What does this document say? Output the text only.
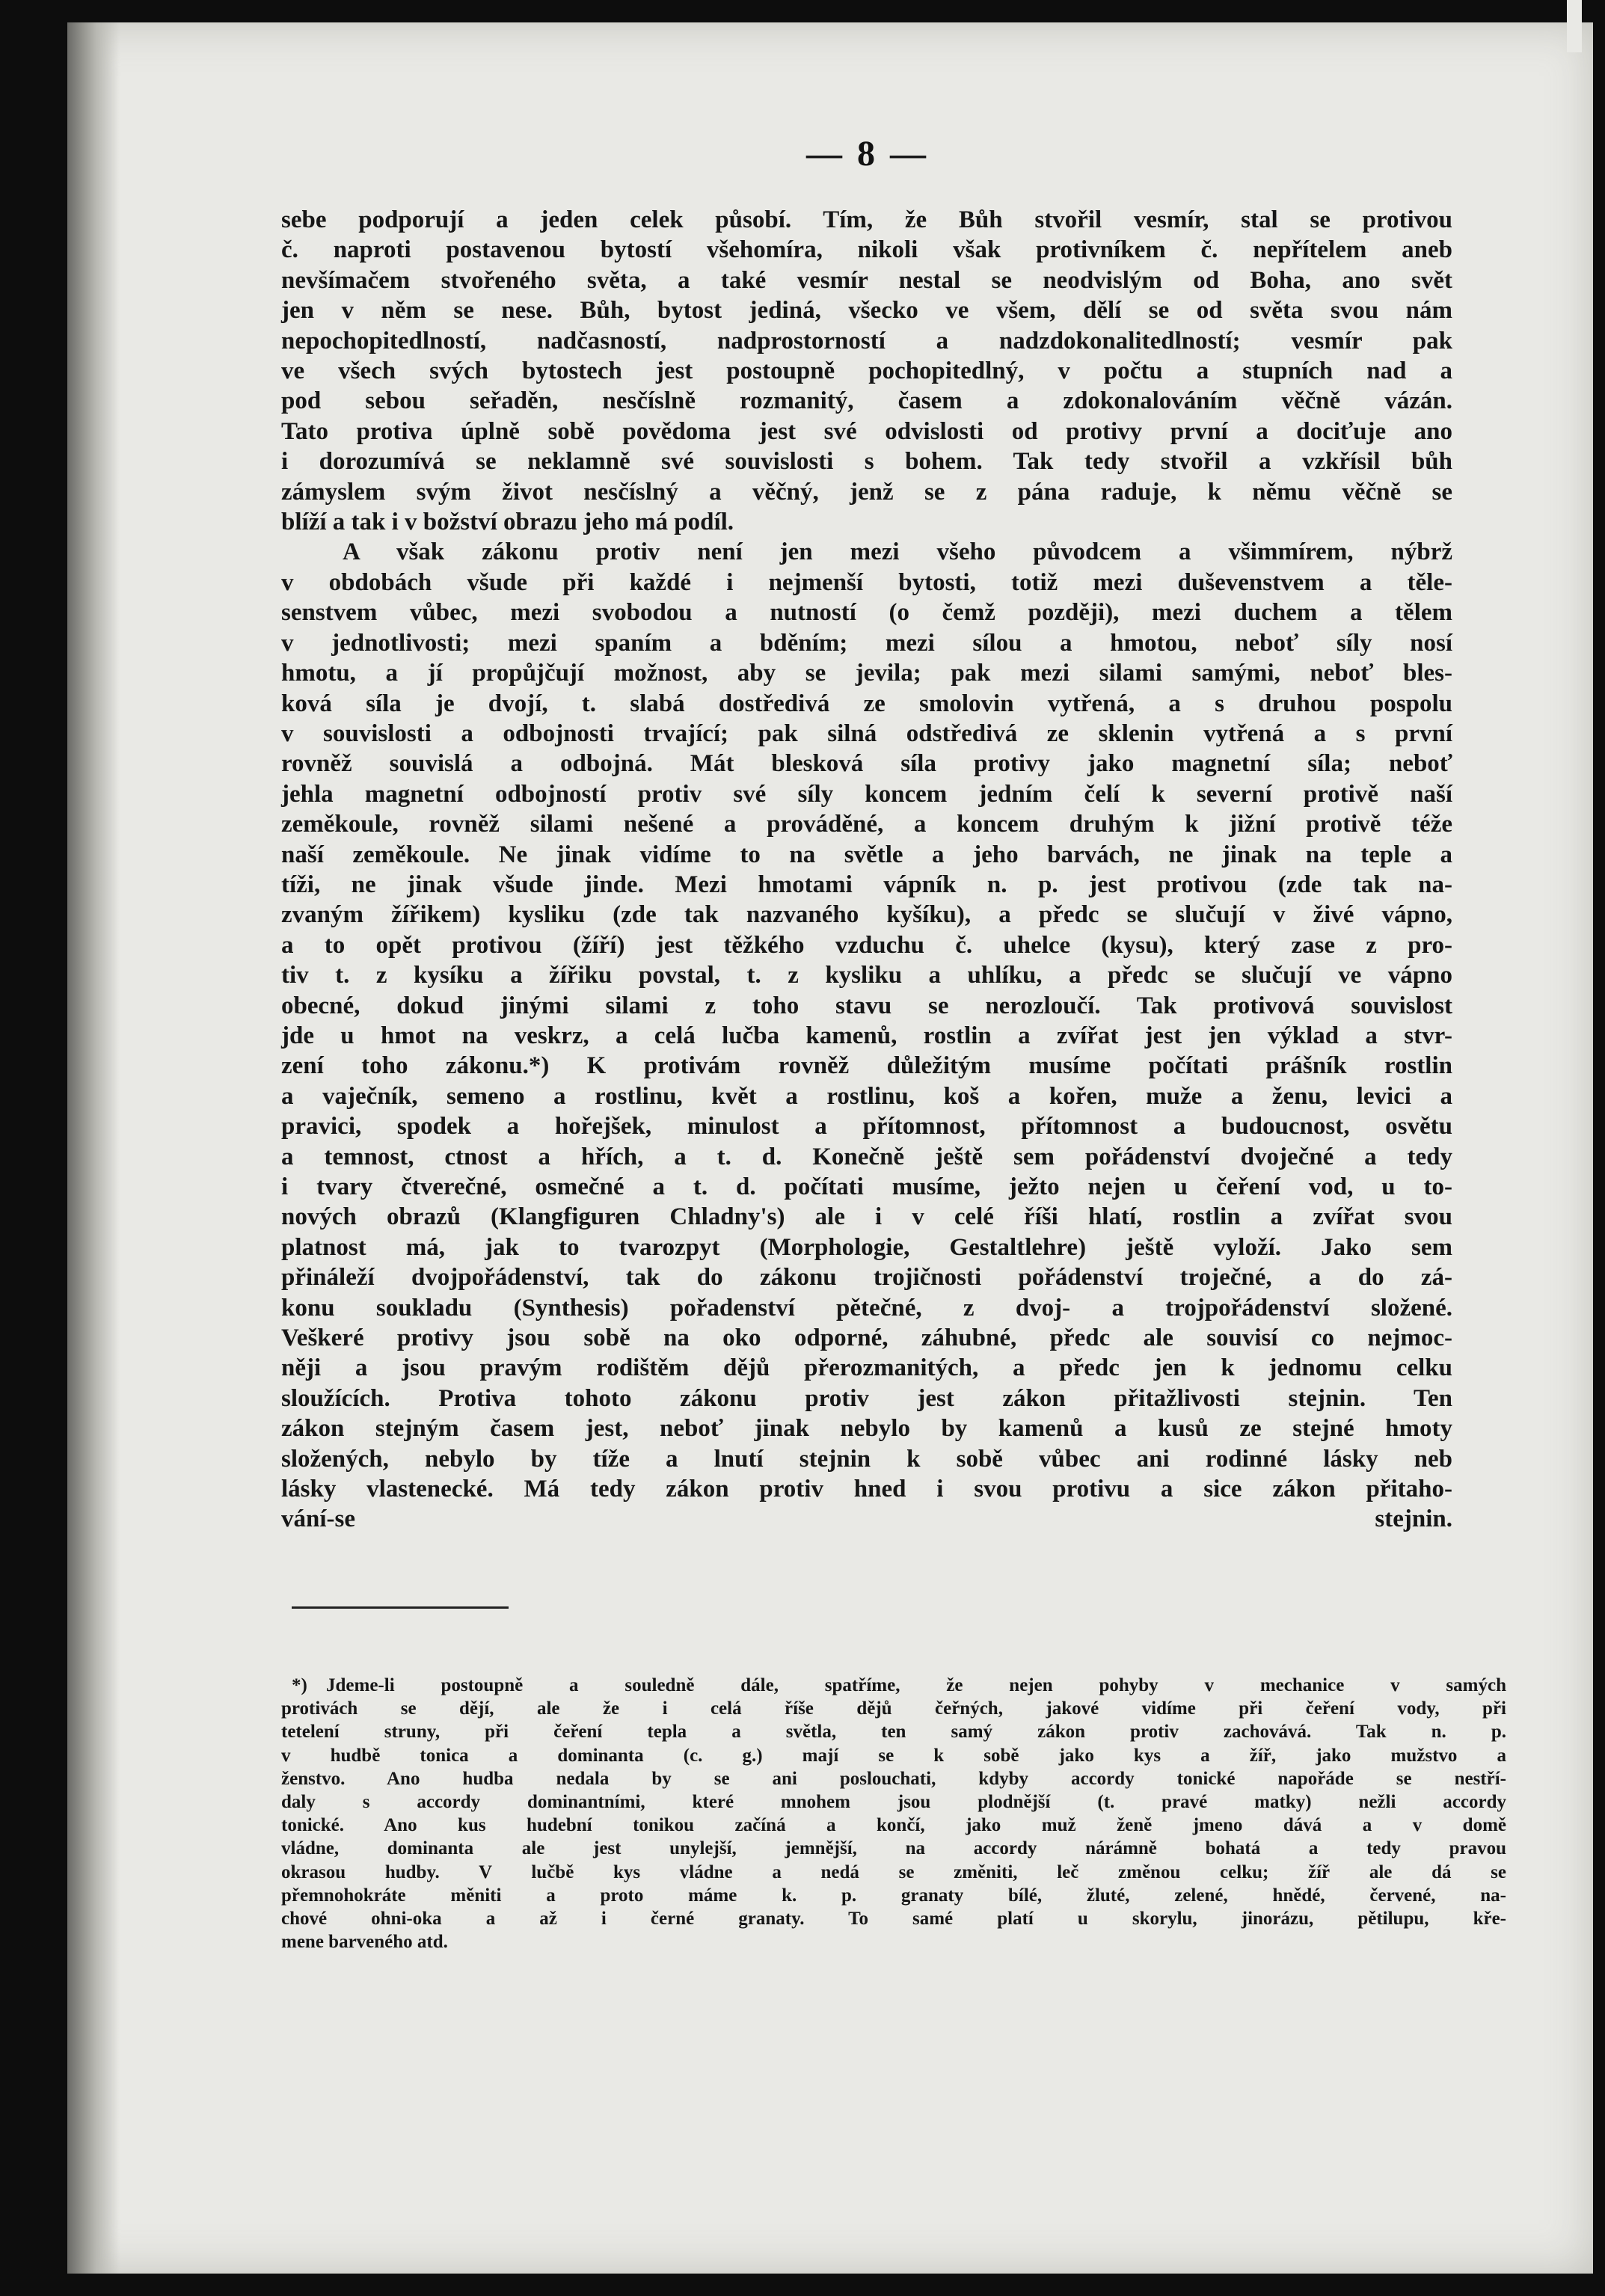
— 8 —
sebe podporují a jeden celek působí. Tím, že Bůh stvořil vesmír, stal se protivou
č. naproti postavenou bytostí všehomíra, nikoli však protivníkem č. nepřítelem aneb
nevšímačem stvořeného světa, a také vesmír nestal se neodvislým od Boha, ano svět
jen v něm se nese. Bůh, bytost jediná, všecko ve všem, dělí se od světa svou nám
nepochopitedlností, nadčasností, nadprostorností a nadzdokonalitedlností; vesmír pak
ve všech svých bytostech jest postoupně pochopitedlný, v počtu a stupních nad a
pod sebou seřaděn, nesčíslně rozmanitý, časem a zdokonalováním věčně vázán.
Tato protiva úplně sobě povědoma jest své odvislosti od protivy první a dociťuje ano
i dorozumívá se neklamně své souvislosti s bohem. Tak tedy stvořil a vzkřísil bůh
zámyslem svým život nesčíslný a věčný, jenž se z pána raduje, k němu věčně se
blíží a tak i v božství obrazu jeho má podíl.
A však zákonu protiv není jen mezi všeho původcem a všimmírem, nýbrž
v obdobách všude při každé i nejmenší bytosti, totiž mezi duševenstvem a těle-
senstvem vůbec, mezi svobodou a nutností (o čemž později), mezi duchem a tělem
v jednotlivosti; mezi spaním a bděním; mezi sílou a hmotou, neboť síly nosí
hmotu, a jí propůjčují možnost, aby se jevila; pak mezi silami samými, neboť bles-
ková síla je dvojí, t. slabá dostředivá ze smolovin vytřená, a s druhou pospolu
v souvislosti a odbojnosti trvající; pak silná odstředivá ze sklenin vytřená a s první
rovněž souvislá a odbojná. Mát blesková síla protivy jako magnetní síla; neboť
jehla magnetní odbojností protiv své síly koncem jedním čelí k severní protivě naší
zeměkoule, rovněž silami nešené a prováděné, a koncem druhým k jižní protivě téže
naší zeměkoule. Ne jinak vidíme to na světle a jeho barvách, ne jinak na teple a
tíži, ne jinak všude jinde. Mezi hmotami vápník n. p. jest protivou (zde tak na-
zvaným žířikem) kysliku (zde tak nazvaného kyšíku), a předc se slučují v živé vápno,
a to opět protivou (žíří) jest těžkého vzduchu č. uhelce (kysu), který zase z pro-
tiv t. z kysíku a žířiku povstal, t. z kysliku a uhlíku, a předc se slučují ve vápno
obecné, dokud jinými silami z toho stavu se nerozloučí. Tak protivová souvislost
jde u hmot na veskrz, a celá lučba kamenů, rostlin a zvířat jest jen výklad a stvr-
zení toho zákonu.*) K protivám rovněž důležitým musíme počítati prášník rostlin
a vaječník, semeno a rostlinu, květ a rostlinu, koš a kořen, muže a ženu, levici a
pravici, spodek a hořejšek, minulost a přítomnost, přítomnost a budoucnost, osvětu
a temnost, ctnost a hřích, a t. d. Konečně ještě sem pořádenství dvoječné a tedy
i tvary čtverečné, osmečné a t. d. počítati musíme, ježto nejen u čeření vod, u to-
nových obrazů (Klangfiguren Chladny's) ale i v celé říši hlatí, rostlin a zvířat svou
platnost má, jak to tvarozpyt (Morphologie, Gestaltlehre) ještě vyloží. Jako sem
přináleží dvojpořádenství, tak do zákonu trojičnosti pořádenství troječné, a do zá-
konu soukladu (Synthesis) pořadenství pětečné, z dvoj- a trojpořádenství složené.
Veškeré protivy jsou sobě na oko odporné, záhubné, předc ale souvisí co nejmoc-
něji a jsou pravým rodištěm dějů přerozmanitých, a předc jen k jednomu celku
sloužících. Protiva tohoto zákonu protiv jest zákon přitažlivosti stejnin. Ten
zákon stejným časem jest, neboť jinak nebylo by kamenů a kusů ze stejné hmoty
složených, nebylo by tíže a lnutí stejnin k sobě vůbec ani rodinné lásky neb
lásky vlastenecké. Má tedy zákon protiv hned i svou protivu a sice zákon přitaho-
vání-se stejnin.
*) Jdeme-li postoupně a souledně dále, spatříme, že nejen pohyby v mechanice v samých
protivách se dějí, ale že i celá říše dějů čeřných, jakové vidíme při čeření vody, při
tetelení struny, při čeření tepla a světla, ten samý zákon protiv zachovává. Tak n. p.
v hudbě tonica a dominanta (c. g.) mají se k sobě jako kys a žíř, jako mužstvo a
ženstvo. Ano hudba nedala by se ani poslouchati, kdyby accordy tonické napořáde se nestří-
daly s accordy dominantními, které mnohem jsou plodnější (t. pravé matky) nežli accordy
tonické. Ano kus hudební tonikou začíná a končí, jako muž ženě jmeno dává a v domě
vládne, dominanta ale jest unylejší, jemnější, na accordy nárámně bohatá a tedy pravou
okrasou hudby. V lučbě kys vládne a nedá se změniti, leč změnou celku; žíř ale dá se
přemnohokráte měniti a proto máme k. p. granaty bílé, žluté, zelené, hnědé, červené, na-
chové ohni-oka a až i černé granaty. To samé platí u skorylu, jinorázu, pětilupu, kře-
mene barveného atd.
